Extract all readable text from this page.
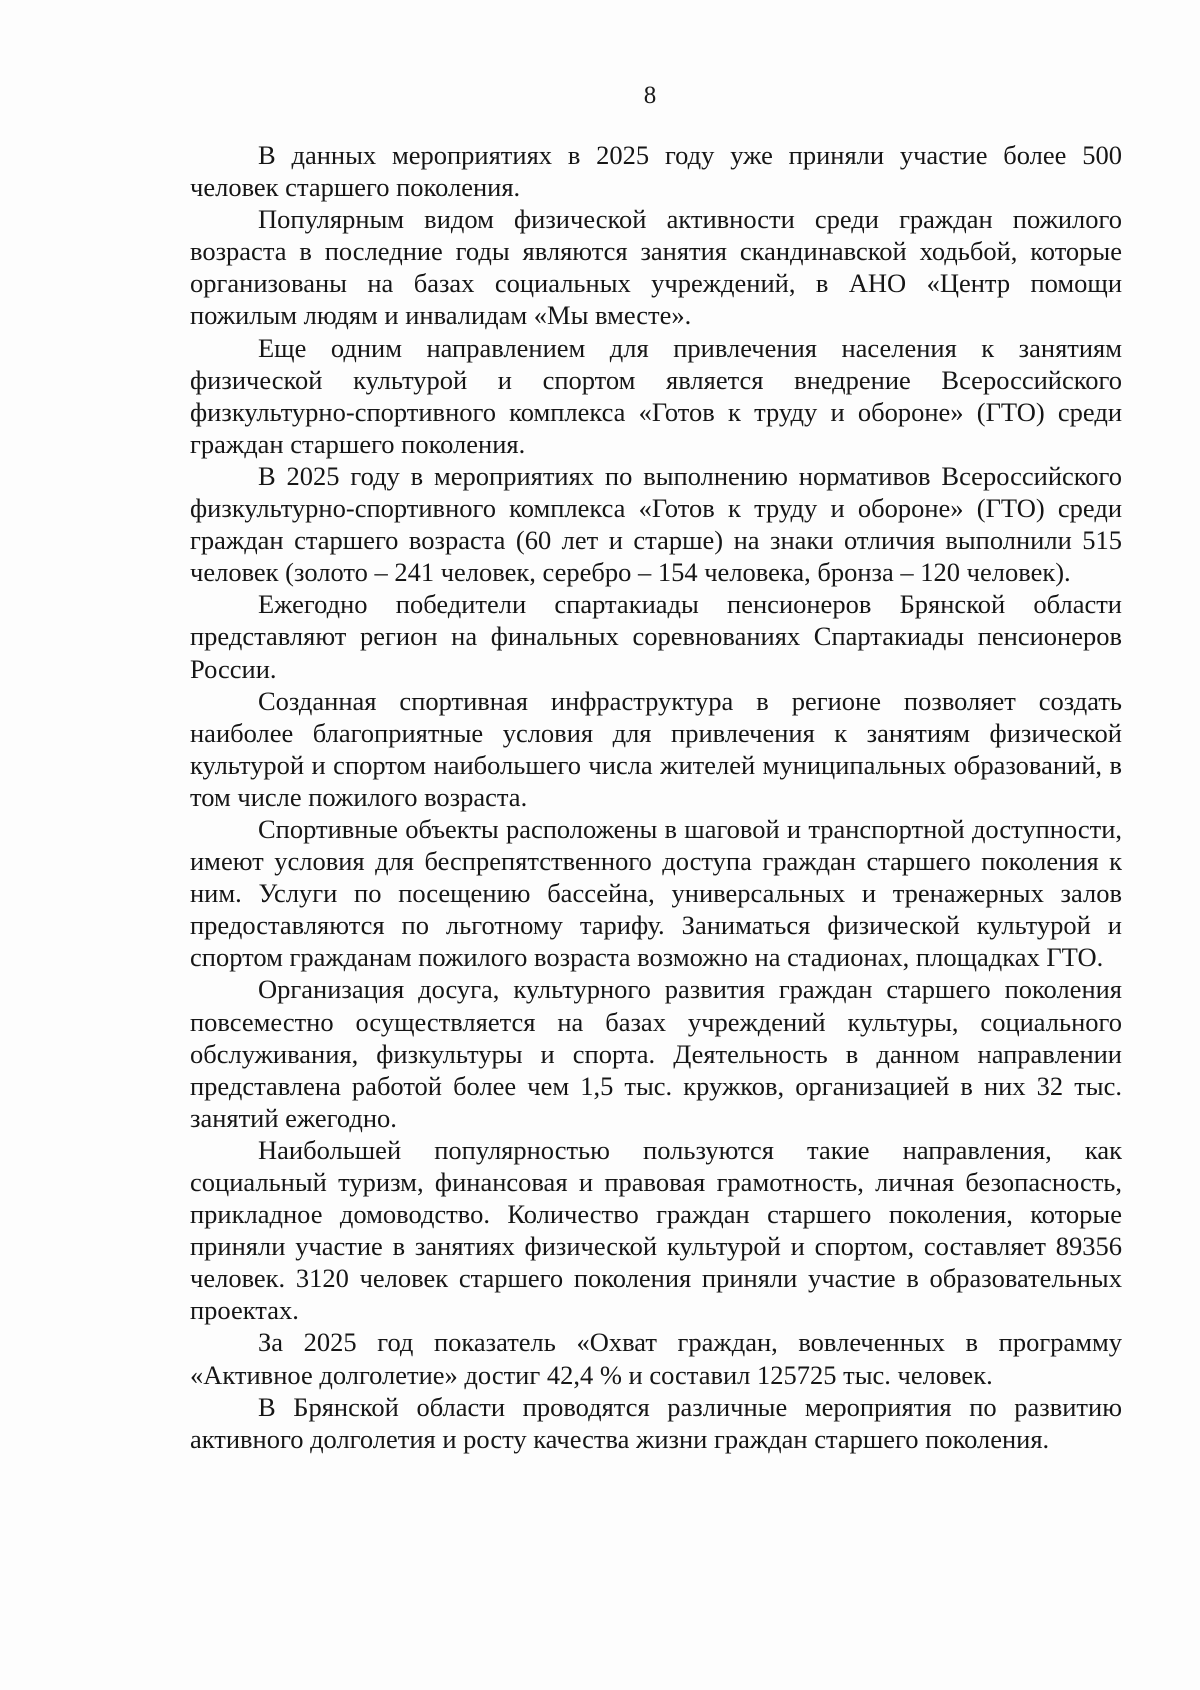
8

В данных мероприятиях в 2025 году уже приняли участие более 500 человек старшего поколения.

Популярным видом физической активности среди граждан пожилого возраста в последние годы являются занятия скандинавской ходьбой, которые организованы на базах социальных учреждений, в АНО «Центр помощи пожилым людям и инвалидам «Мы вместе».

Еще одним направлением для привлечения населения к занятиям физической культурой и спортом является внедрение Всероссийского физкультурно-спортивного комплекса «Готов к труду и обороне» (ГТО) среди граждан старшего поколения.

В 2025 году в мероприятиях по выполнению нормативов Всероссийского физкультурно-спортивного комплекса «Готов к труду и обороне» (ГТО) среди граждан старшего возраста (60 лет и старше) на знаки отличия выполнили 515 человек (золото – 241 человек, серебро – 154 человека, бронза – 120 человек).

Ежегодно победители спартакиады пенсионеров Брянской области представляют регион на финальных соревнованиях Спартакиады пенсионеров России.

Созданная спортивная инфраструктура в регионе позволяет создать наиболее благоприятные условия для привлечения к занятиям физической культурой и спортом наибольшего числа жителей муниципальных образований, в том числе пожилого возраста.

Спортивные объекты расположены в шаговой и транспортной доступности, имеют условия для беспрепятственного доступа граждан старшего поколения к ним. Услуги по посещению бассейна, универсальных и тренажерных залов предоставляются по льготному тарифу. Заниматься физической культурой и спортом гражданам пожилого возраста возможно на стадионах, площадках ГТО.

Организация досуга, культурного развития граждан старшего поколения повсеместно осуществляется на базах учреждений культуры, социального обслуживания, физкультуры и спорта. Деятельность в данном направлении представлена работой более чем 1,5 тыс. кружков, организацией в них 32 тыс. занятий ежегодно.

Наибольшей популярностью пользуются такие направления, как социальный туризм, финансовая и правовая грамотность, личная безопасность, прикладное домоводство. Количество граждан старшего поколения, которые приняли участие в занятиях физической культурой и спортом, составляет 89356 человек. 3120 человек старшего поколения приняли участие в образовательных проектах.

За 2025 год показатель «Охват граждан, вовлеченных в программу «Активное долголетие» достиг 42,4 % и составил 125725 тыс. человек.

В Брянской области проводятся различные мероприятия по развитию активного долголетия и росту качества жизни граждан старшего поколения.
